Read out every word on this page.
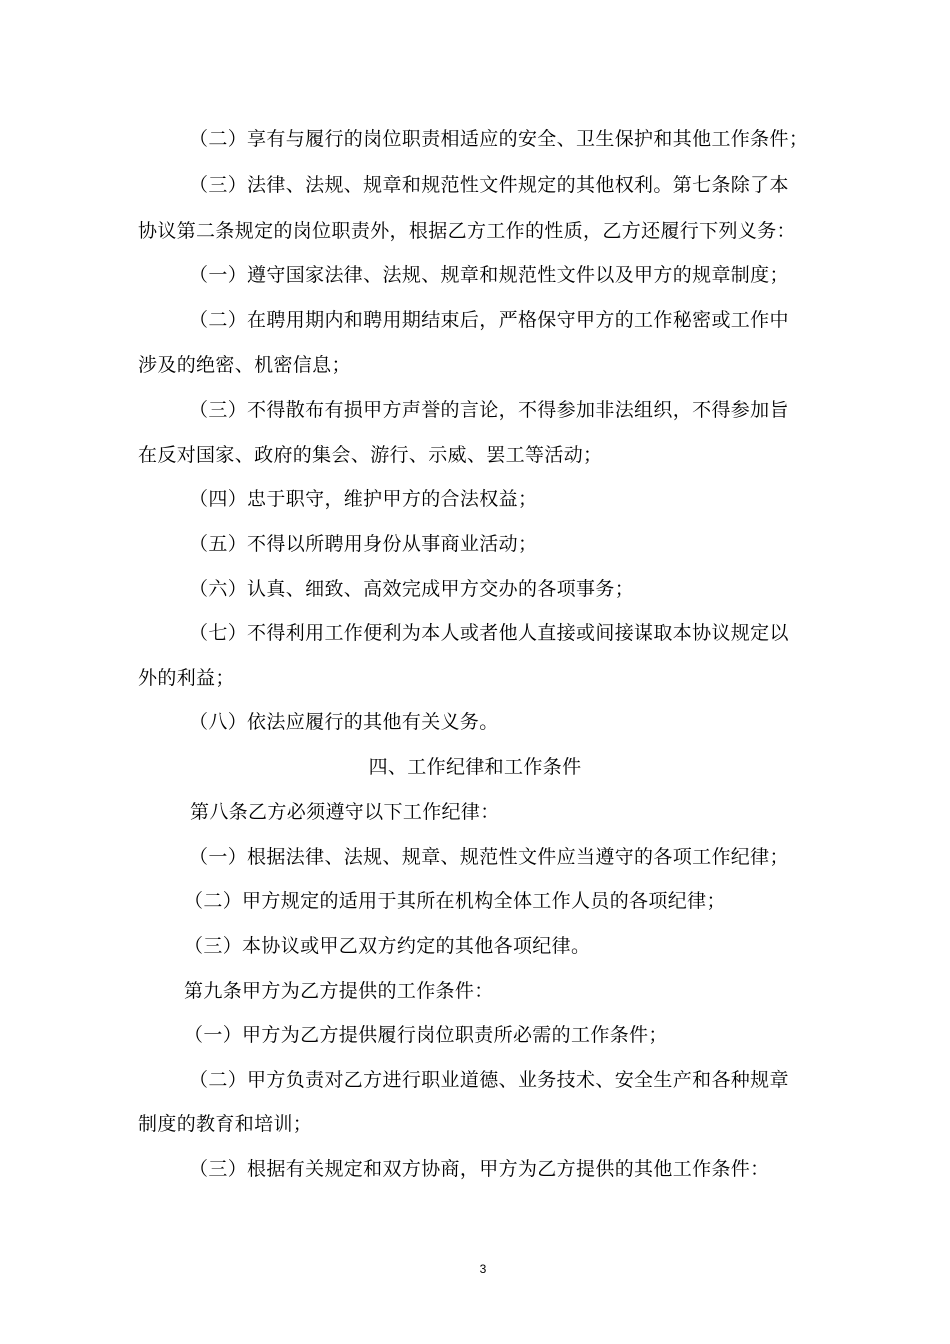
（二）享有与履行的岗位职责相适应的安全、卫生保护和其他工作条件；
（三）法律、法规、规章和规范性文件规定的其他权利。第七条除了本
协议第二条规定的岗位职责外，根据乙方工作的性质，乙方还履行下列义务：
（一）遵守国家法律、法规、规章和规范性文件以及甲方的规章制度；
（二）在聘用期内和聘用期结束后，严格保守甲方的工作秘密或工作中
涉及的绝密、机密信息；
（三）不得散布有损甲方声誉的言论，不得参加非法组织，不得参加旨
在反对国家、政府的集会、游行、示威、罢工等活动；
（四）忠于职守，维护甲方的合法权益；
（五）不得以所聘用身份从事商业活动；
（六）认真、细致、高效完成甲方交办的各项事务；
（七）不得利用工作便利为本人或者他人直接或间接谋取本协议规定以
外的利益；
（八）依法应履行的其他有关义务。
四、工作纪律和工作条件
第八条乙方必须遵守以下工作纪律：
（一）根据法律、法规、规章、规范性文件应当遵守的各项工作纪律；
（二）甲方规定的适用于其所在机构全体工作人员的各项纪律；
（三）本协议或甲乙双方约定的其他各项纪律。
第九条甲方为乙方提供的工作条件：
（一）甲方为乙方提供履行岗位职责所必需的工作条件；
（二）甲方负责对乙方进行职业道德、业务技术、安全生产和各种规章
制度的教育和培训；
（三）根据有关规定和双方协商，甲方为乙方提供的其他工作条件：
3
